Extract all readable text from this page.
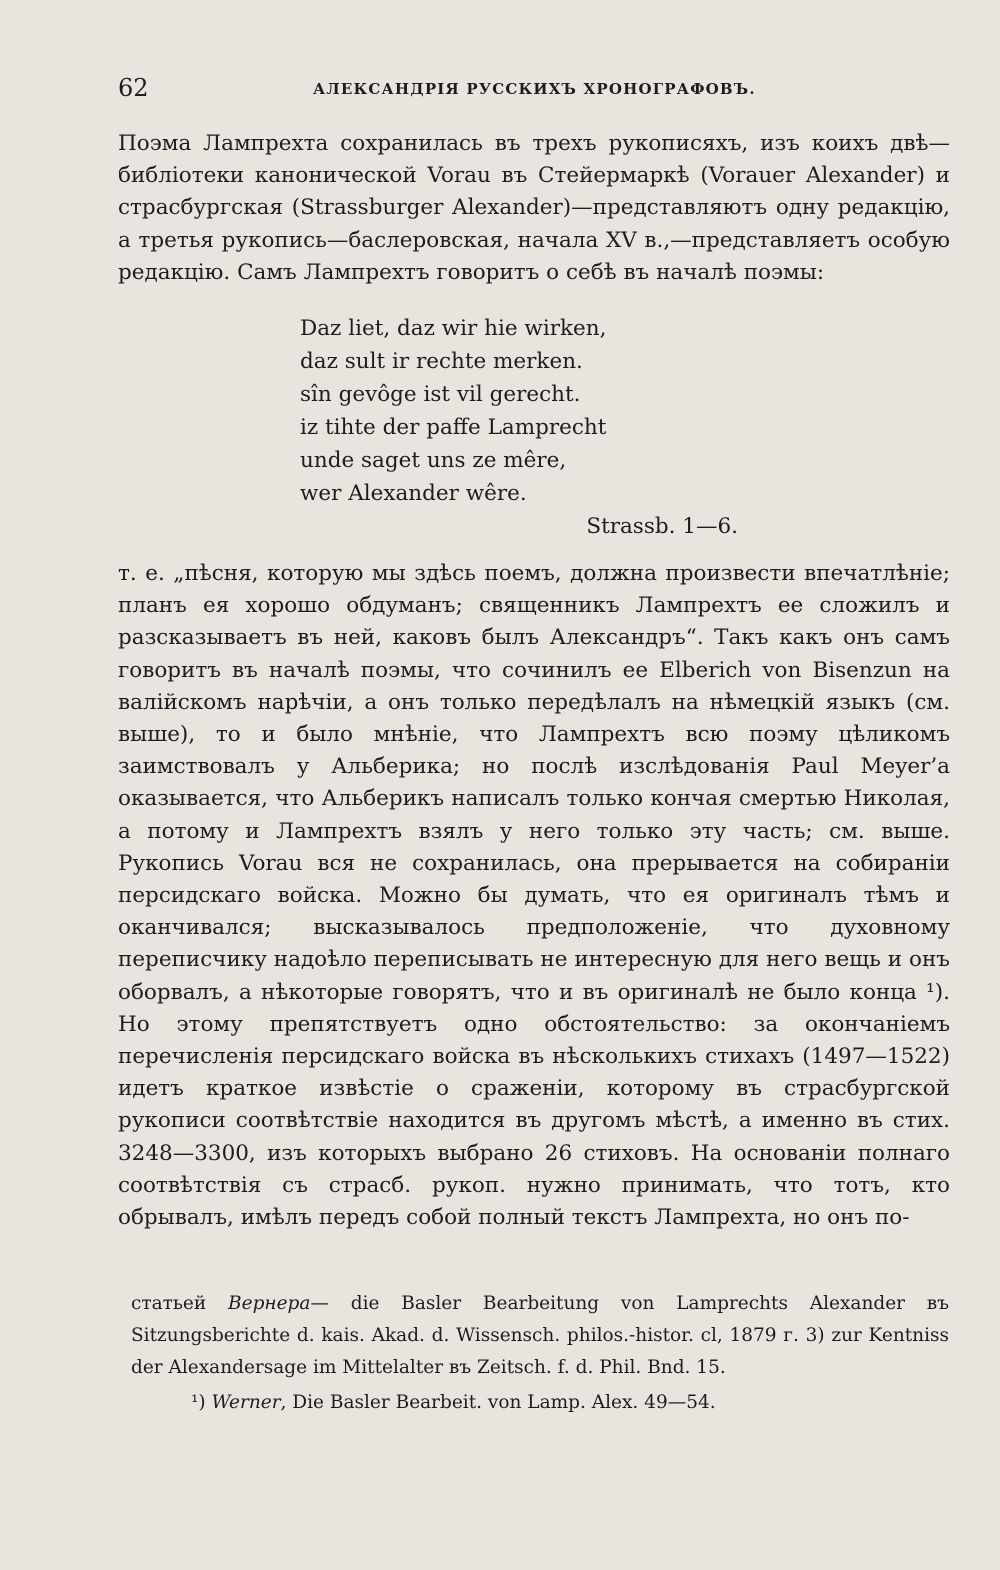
62	АЛЕКСАНДРІЯ РУССКИХЪ ХРОНОГРАФОВЪ.

Поэма Лампрехта сохранилась въ трехъ рукописяхъ, изъ коихъ двѣ—библіотеки канонической Vorau въ Стейермаркѣ (Vorauer Alexander) и страсбургская (Strassburger Alexander)—представляютъ одну редакцію, а третья рукопись—баслеровская, начала XV в.,—представляетъ особую редакцію. Самъ Лампрехтъ говоритъ о себѣ въ началѣ поэмы:

Daz liet, daz wir hie wirken,
daz sult ir rechte merken.
sîn gevôge ist vil gerecht.
iz tihte der paffe Lamprecht
unde saget uns ze mêre,
wer Alexander wêre.
Strassb. 1—6.

т. е. „пѣсня, которую мы здѣсь поемъ, должна произвести впечатлѣніе; планъ ея хорошо обдуманъ; священникъ Лампрехтъ ее сложилъ и разсказываетъ въ ней, каковъ былъ Александръ“. Такъ какъ онъ самъ говоритъ въ началѣ поэмы, что сочинилъ ее Elberich von Bisenzun на валійскомъ нарѣчіи, а онъ только передѣлалъ на нѣмецкій языкъ (см. выше), то и было мнѣніе, что Лампрехтъ всю поэму цѣликомъ заимствовалъ у Альберика; но послѣ изслѣдованія Paul Meyer’а оказывается, что Альберикъ написалъ только кончая смертью Николая, а потому и Лампрехтъ взялъ у него только эту часть; см. выше. Рукопись Vorau вся не сохранилась, она прерывается на собираніи персидскаго войска. Можно бы думать, что ея оригиналъ тѣмъ и оканчивался; высказывалось предположеніе, что духовному переписчику надоѣло переписывать не интересную для него вещь и онъ оборвалъ, а нѣкоторые говорятъ, что и въ оригиналѣ не было конца ¹). Но этому препятствуетъ одно обстоятельство: за окончаніемъ перечисленія персидскаго войска въ нѣсколькихъ стихахъ (1497—1522) идетъ краткое извѣстіе о сраженіи, которому въ страсбургской рукописи соотвѣтствіе находится въ другомъ мѣстѣ, а именно въ стих. 3248—3300, изъ которыхъ выбрано 26 стиховъ. На основаніи полнаго соотвѣтствія съ страсб. рукоп. нужно принимать, что тотъ, кто обрывалъ, имѣлъ передъ собой полный текстъ Лампрехта, но онъ по-

статьей Вернера— die Basler Bearbeitung von Lamprechts Alexander въ Sitzungsberichte d. kais. Akad. d. Wissensch. philos.-histor. cl, 1879 г. 3) zur Kentniss der Alexandersage im Mittelalter въ Zeitsch. f. d. Phil. Bnd. 15.

¹) Werner, Die Basler Bearbeit. von Lamp. Alex. 49—54.
